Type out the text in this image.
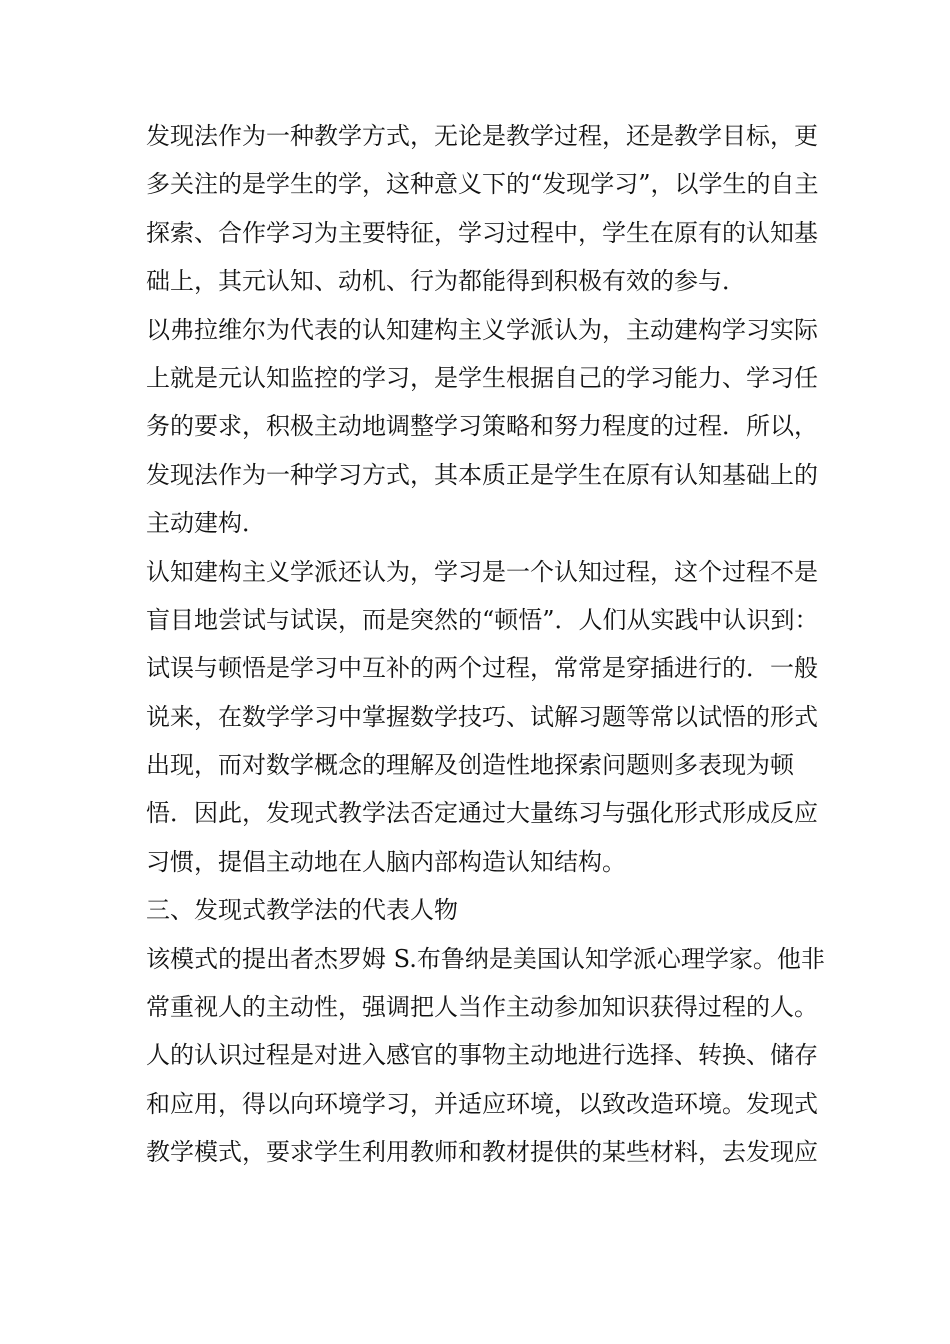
发现法作为一种教学方式，无论是教学过程，还是教学目标，更
多关注的是学生的学，这种意义下的“发现学习”，以学生的自主
探索、合作学习为主要特征，学习过程中，学生在原有的认知基
础上，其元认知、动机、行为都能得到积极有效的参与．
以弗拉维尔为代表的认知建构主义学派认为，主动建构学习实际
上就是元认知监控的学习，是学生根据自己的学习能力、学习任
务的要求，积极主动地调整学习策略和努力程度的过程．所以，
发现法作为一种学习方式，其本质正是学生在原有认知基础上的
主动建构．
认知建构主义学派还认为，学习是一个认知过程，这个过程不是
盲目地尝试与试误，而是突然的“顿悟”．人们从实践中认识到：
试误与顿悟是学习中互补的两个过程，常常是穿插进行的．一般
说来，在数学学习中掌握数学技巧、试解习题等常以试悟的形式
出现，而对数学概念的理解及创造性地探索问题则多表现为顿
悟．因此，发现式教学法否定通过大量练习与强化形式形成反应
习惯，提倡主动地在人脑内部构造认知结构。
三、发现式教学法的代表人物
该模式的提出者杰罗姆 S.布鲁纳是美国认知学派心理学家。他非
常重视人的主动性，强调把人当作主动参加知识获得过程的人。
人的认识过程是对进入感官的事物主动地进行选择、转换、储存
和应用，得以向环境学习，并适应环境，以致改造环境。发现式
教学模式，要求学生利用教师和教材提供的某些材料，去发现应
